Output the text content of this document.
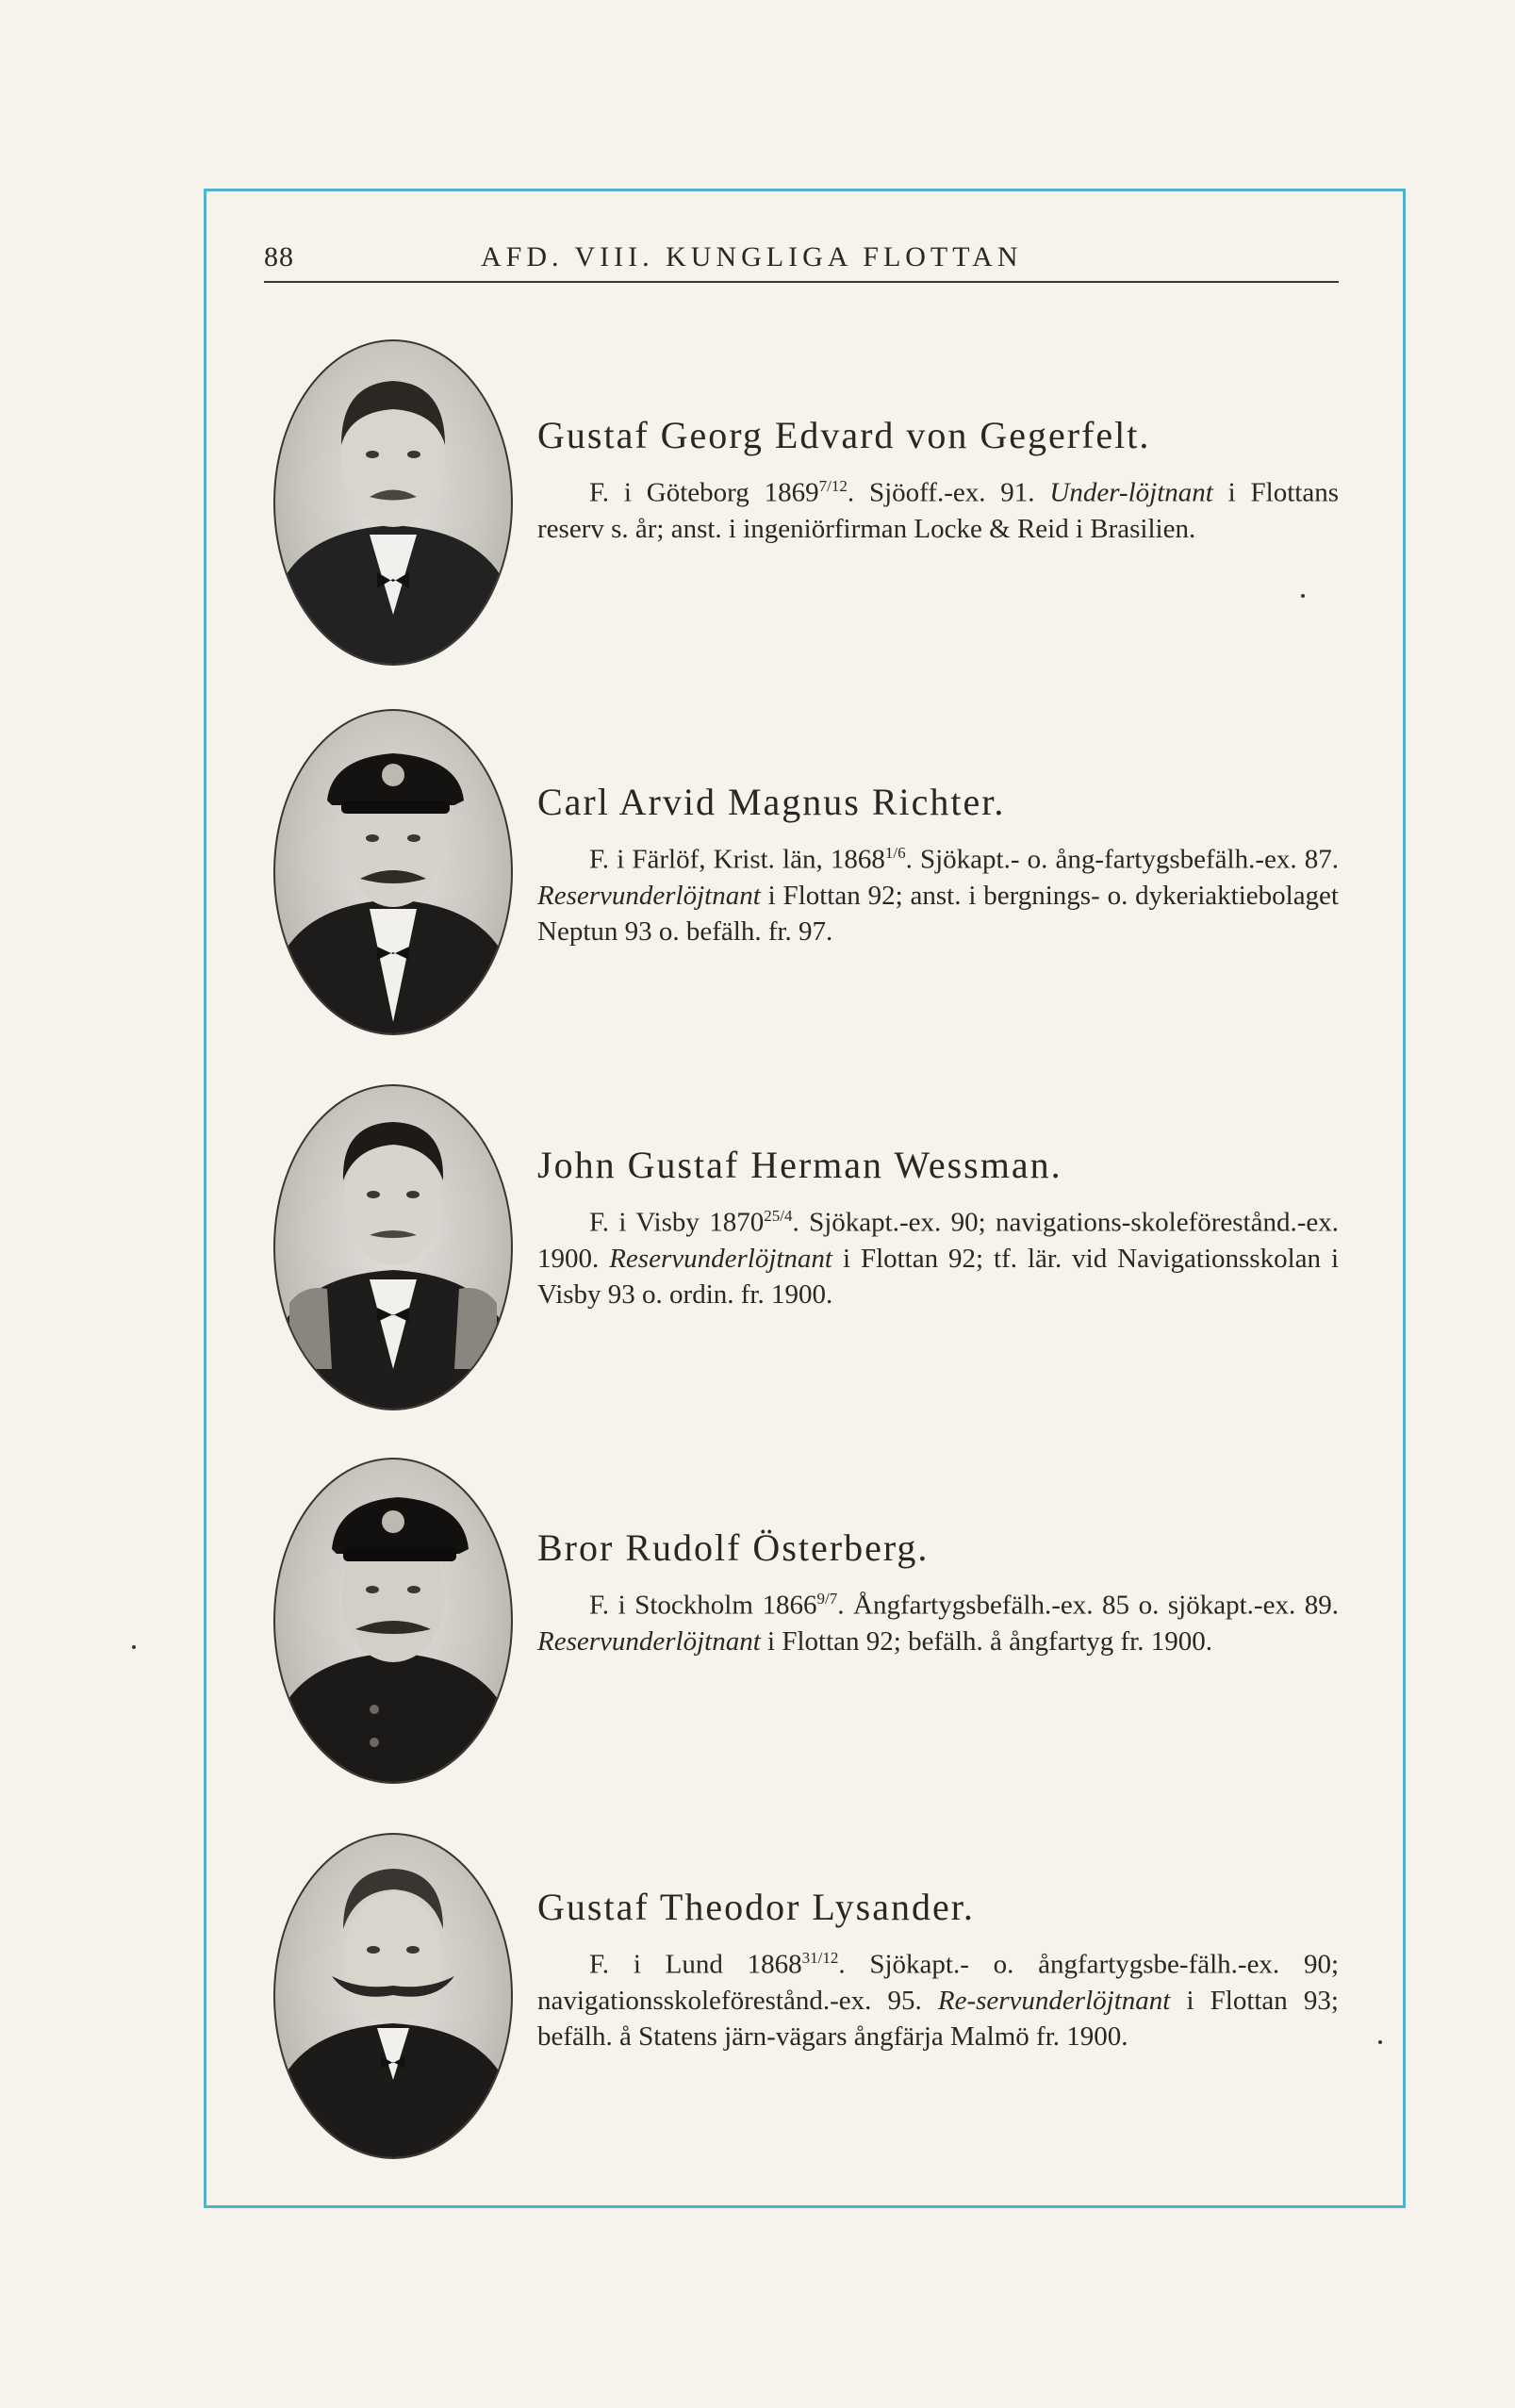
88	AFD. VIII. KUNGLIGA FLOTTAN

Gustaf Georg Edvard von Gegerfelt.

F. i Göteborg $1869^{7/12}$. Sjöoff.-ex. 91. Under-löjtnant i Flottans reserv s. år; anst. i ingeniörfirman Locke & Reid i Brasilien.

Carl Arvid Magnus Richter.

F. i Färlöf, Krist. län, $1868^{1/6}$. Sjökapt.- o. ång-fartygsbefälh.-ex. 87. Reservunderlöjtnant i Flottan 92; anst. i bergnings- o. dykeriaktiebolaget Neptun 93 o. befälh. fr. 97.

John Gustaf Herman Wessman.

F. i Visby $1870^{25/4}$. Sjökapt.-ex. 90; navigations-skoleförestånd.-ex. 1900. Reservunderlöjtnant i Flottan 92; tf. lär. vid Navigationsskolan i Visby 93 o. ordin. fr. 1900.

Bror Rudolf Österberg.

F. i Stockholm $1866^{9/7}$. Ångfartygsbefälh.-ex. 85 o. sjökapt.-ex. 89. Reservunderlöjtnant i Flottan 92; befälh. å ångfartyg fr. 1900.

Gustaf Theodor Lysander.

F. i Lund $1868^{31/12}$. Sjökapt.- o. ångfartygsbe-fälh.-ex. 90; navigationsskoleförestånd.-ex. 95. Re-servunderlöjtnant i Flottan 93; befälh. å Statens järn-vägars ångfärja Malmö fr. 1900.
